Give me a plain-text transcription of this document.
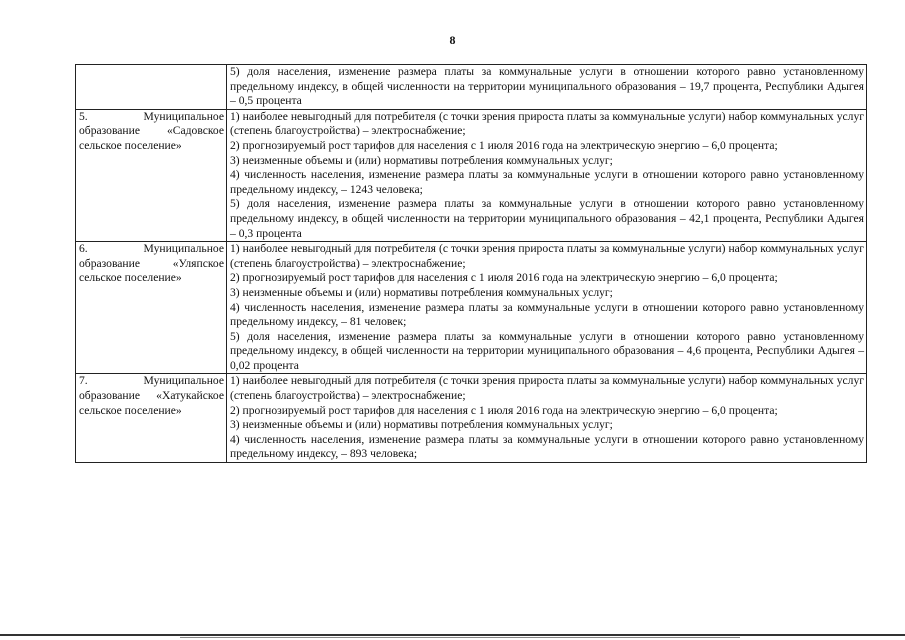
8

	5) доля населения, изменение размера платы за коммунальные услуги в отношении которого равно установленному предельному индексу, в общей численности на территории муниципального образования – 19,7 процента, Республики Адыгея – 0,5 процента

5. Муниципальное образование «Садовское сельское поселение»	1) наиболее невыгодный для потребителя (с точки зрения прироста платы за коммунальные услуги) набор коммунальных услуг (степень благоустройства) – электроснабжение;
2) прогнозируемый рост тарифов для населения с 1 июля 2016 года на электрическую энергию – 6,0 процента;
3) неизменные объемы и (или) нормативы потребления коммунальных услуг;
4) численность населения, изменение размера платы за коммунальные услуги в отношении которого равно установленному предельному индексу, – 1243 человека;
5) доля населения, изменение размера платы за коммунальные услуги в отношении которого равно установленному предельному индексу, в общей численности на территории муниципального образования – 42,1 процента, Республики Адыгея – 0,3 процента

6. Муниципальное образование «Уляпское сельское поселение»	1) наиболее невыгодный для потребителя (с точки зрения прироста платы за коммунальные услуги) набор коммунальных услуг (степень благоустройства) – электроснабжение;
2) прогнозируемый рост тарифов для населения с 1 июля 2016 года на электрическую энергию – 6,0 процента;
3) неизменные объемы и (или) нормативы потребления коммунальных услуг;
4) численность населения, изменение размера платы за коммунальные услуги в отношении которого равно установленному предельному индексу, – 81 человек;
5) доля населения, изменение размера платы за коммунальные услуги в отношении которого равно установленному предельному индексу, в общей численности на территории муниципального образования – 4,6 процента, Республики Адыгея – 0,02 процента

7. Муниципальное образование «Хатукайское сельское поселение»	1) наиболее невыгодный для потребителя (с точки зрения прироста платы за коммунальные услуги) набор коммунальных услуг (степень благоустройства) – электроснабжение;
2) прогнозируемый рост тарифов для населения с 1 июля 2016 года на электрическую энергию – 6,0 процента;
3) неизменные объемы и (или) нормативы потребления коммунальных услуг;
4) численность населения, изменение размера платы за коммунальные услуги в отношении которого равно установленному предельному индексу, – 893 человека;
